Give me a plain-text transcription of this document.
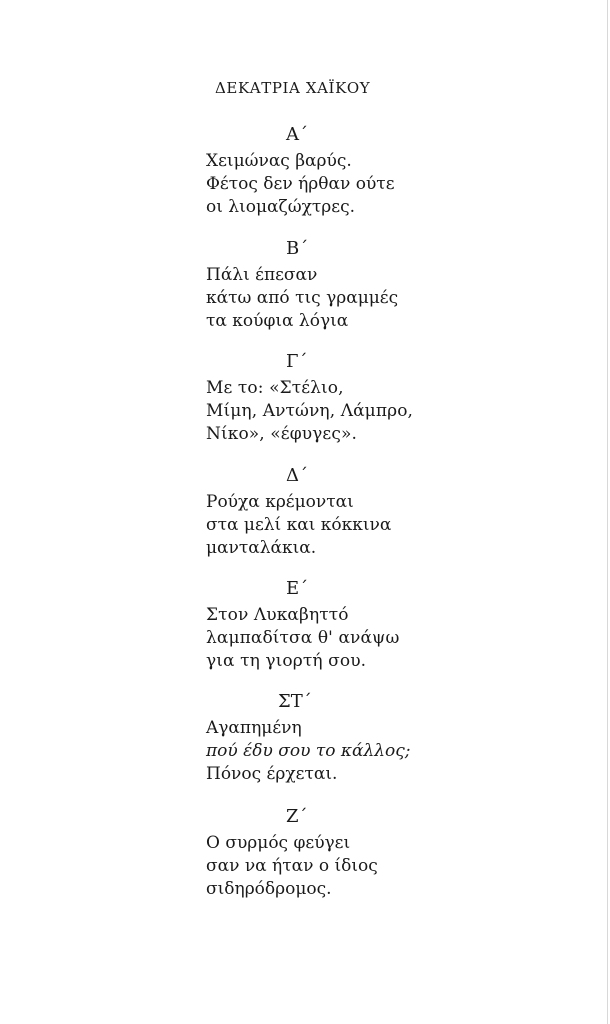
ΔΕΚΑΤΡΙΑ ΧΑΪΚΟΥ
Α΄
Χειμώνας βαρύς.
Φέτος δεν ήρθαν ούτε
οι λιομαζώχτρες.
Β΄
Πάλι έπεσαν
κάτω από τις γραμμές
τα κούφια λόγια
Γ΄
Με το: «Στέλιο,
Μίμη, Αντώνη, Λάμπρο,
Νίκο», «έφυγες».
Δ΄
Ρούχα κρέμονται
στα μελί και κόκκινα
μανταλάκια.
Ε΄
Στον Λυκαβηττό
λαμπαδίτσα θ' ανάψω
για τη γιορτή σου.
ΣΤ΄
Αγαπημένη
πού έδυ σου το κάλλος;
Πόνος έρχεται.
Ζ΄
Ο συρμός φεύγει
σαν να ήταν ο ίδιος
σιδηρόδρομος.
